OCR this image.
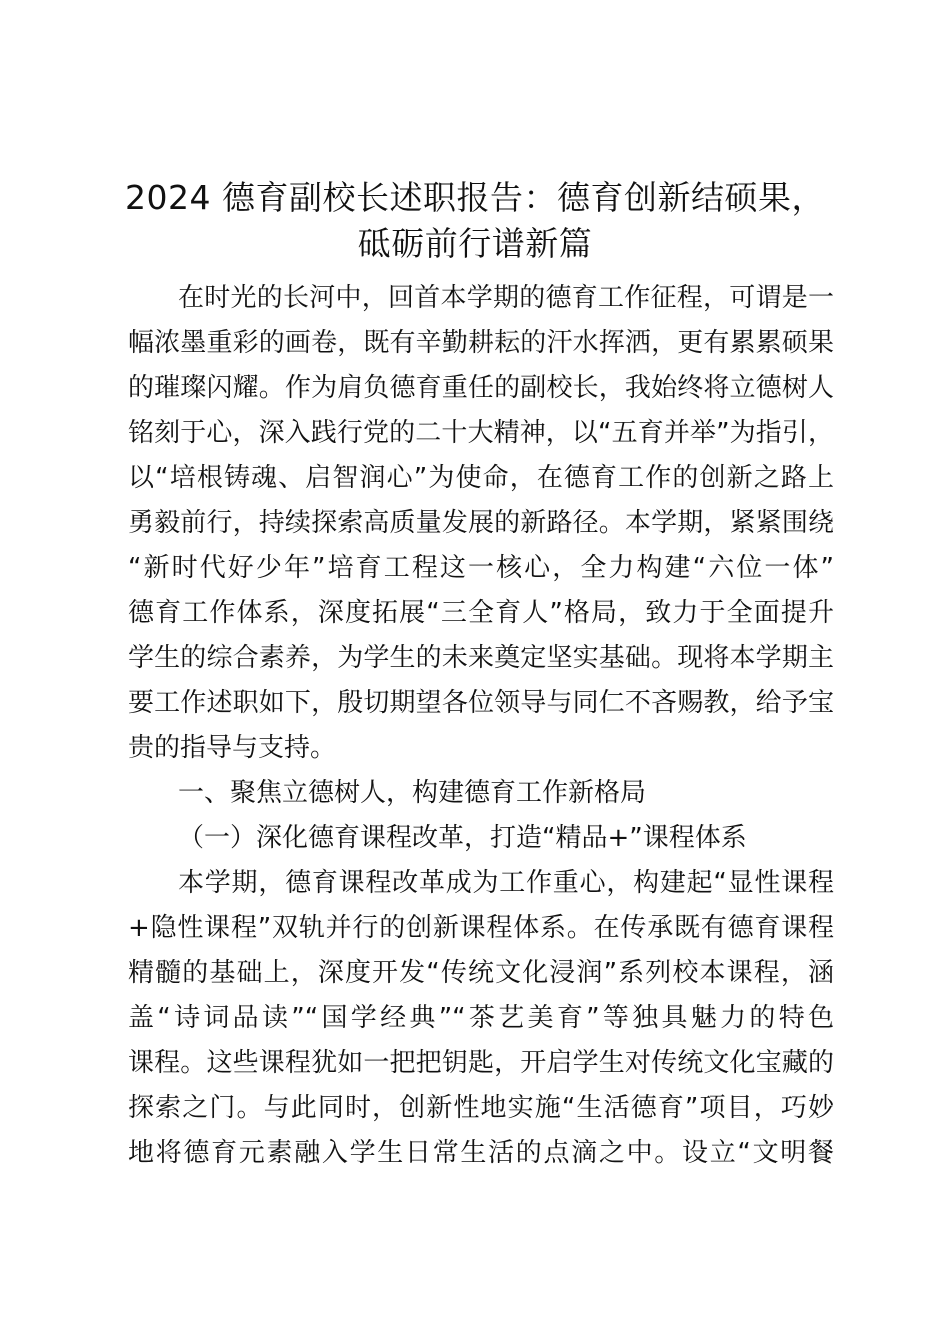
2024 德育副校长述职报告：德育创新结硕果，
砥砺前行谱新篇

在时光的长河中，回首本学期的德育工作征程，可谓是一

幅浓墨重彩的画卷，既有辛勤耕耘的汗水挥洒，更有累累硕果

的璀璨闪耀。作为肩负德育重任的副校长，我始终将立德树人

铭刻于心，深入践行党的二十大精神，以“五育并举”为指引，

以“培根铸魂、启智润心”为使命，在德育工作的创新之路上

勇毅前行，持续探索高质量发展的新路径。本学期，紧紧围绕

“新时代好少年”培育工程这一核心，全力构建“六位一体”

德育工作体系，深度拓展“三全育人”格局，致力于全面提升

学生的综合素养，为学生的未来奠定坚实基础。现将本学期主

要工作述职如下，殷切期望各位领导与同仁不吝赐教，给予宝

贵的指导与支持。

一、聚焦立德树人，构建德育工作新格局

（一）深化德育课程改革，打造“精品+”课程体系

本学期，德育课程改革成为工作重心，构建起“显性课程

+隐性课程”双轨并行的创新课程体系。在传承既有德育课程

精髓的基础上，深度开发“传统文化浸润”系列校本课程，涵

盖“诗词品读”“国学经典”“茶艺美育”等独具魅力的特色

课程。这些课程犹如一把把钥匙，开启学生对传统文化宝藏的

探索之门。与此同时，创新性地实施“生活德育”项目，巧妙

地将德育元素融入学生日常生活的点滴之中。设立“文明餐
